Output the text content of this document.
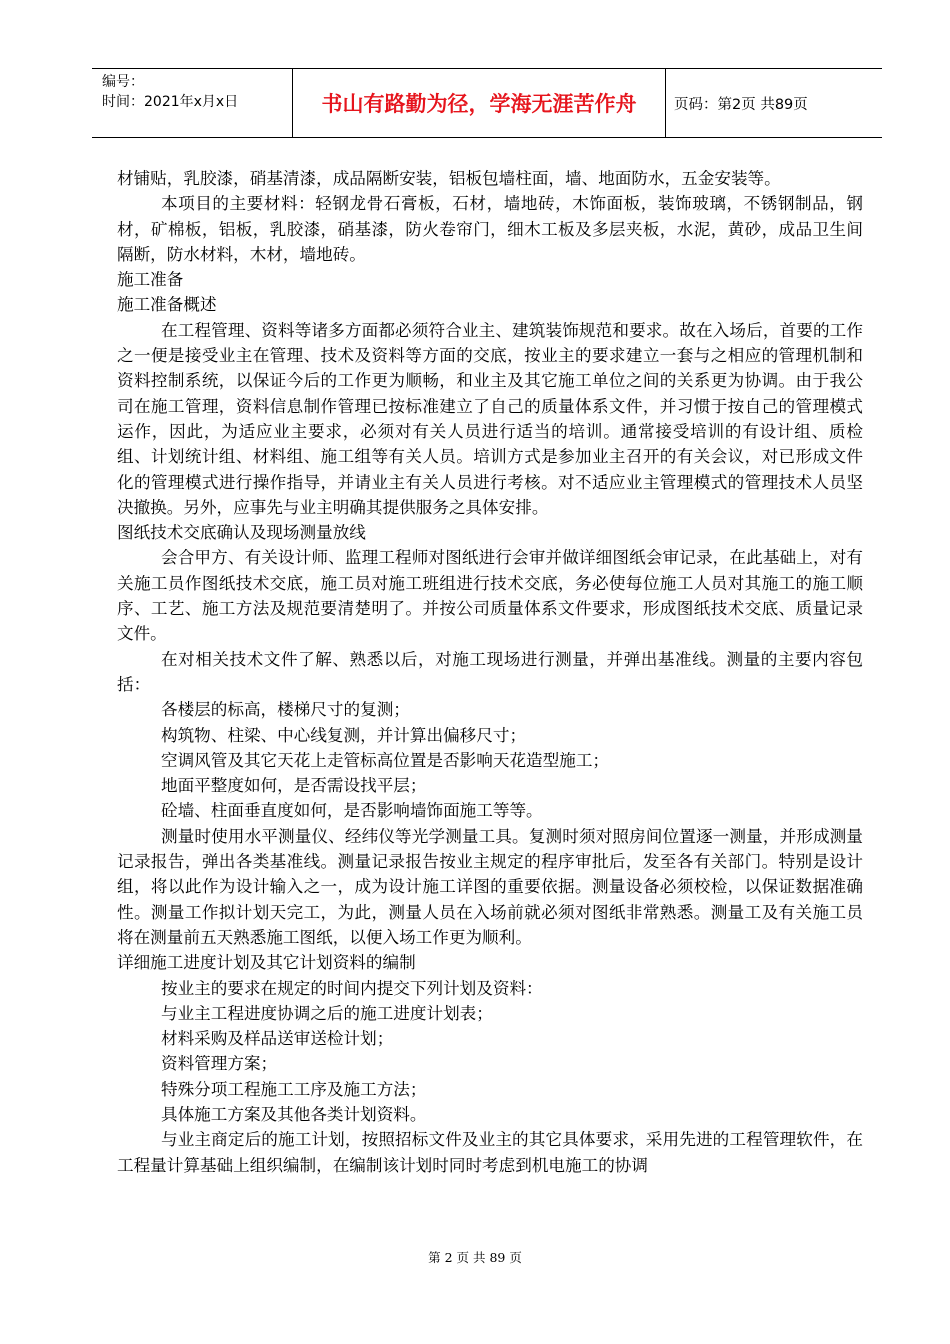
编号：
时间：2021年x月x日	书山有路勤为径，学海无涯苦作舟	页码：第2页 共89页

材铺贴，乳胶漆，硝基清漆，成品隔断安装，铝板包墙柱面，墙、地面防水，五金安装等。

本项目的主要材料：轻钢龙骨石膏板，石材，墙地砖，木饰面板，装饰玻璃，不锈钢制品，钢材，矿棉板，铝板，乳胶漆，硝基漆，防火卷帘门，细木工板及多层夹板，水泥，黄砂，成品卫生间隔断，防水材料，木材，墙地砖。

施工准备

施工准备概述

在工程管理、资料等诸多方面都必须符合业主、建筑装饰规范和要求。故在入场后，首要的工作之一便是接受业主在管理、技术及资料等方面的交底，按业主的要求建立一套与之相应的管理机制和资料控制系统，以保证今后的工作更为顺畅，和业主及其它施工单位之间的关系更为协调。由于我公司在施工管理，资料信息制作管理已按标准建立了自己的质量体系文件，并习惯于按自己的管理模式运作，因此，为适应业主要求，必须对有关人员进行适当的培训。通常接受培训的有设计组、质检组、计划统计组、材料组、施工组等有关人员。培训方式是参加业主召开的有关会议，对已形成文件化的管理模式进行操作指导，并请业主有关人员进行考核。对不适应业主管理模式的管理技术人员坚决撤换。另外，应事先与业主明确其提供服务之具体安排。

图纸技术交底确认及现场测量放线

会合甲方、有关设计师、监理工程师对图纸进行会审并做详细图纸会审记录，在此基础上，对有关施工员作图纸技术交底，施工员对施工班组进行技术交底，务必使每位施工人员对其施工的施工顺序、工艺、施工方法及规范要清楚明了。并按公司质量体系文件要求，形成图纸技术交底、质量记录文件。

在对相关技术文件了解、熟悉以后，对施工现场进行测量，并弹出基准线。测量的主要内容包括：

各楼层的标高，楼梯尺寸的复测；

构筑物、柱梁、中心线复测，并计算出偏移尺寸；

空调风管及其它天花上走管标高位置是否影响天花造型施工；

地面平整度如何，是否需设找平层；

砼墙、柱面垂直度如何，是否影响墙饰面施工等等。

测量时使用水平测量仪、经纬仪等光学测量工具。复测时须对照房间位置逐一测量，并形成测量记录报告，弹出各类基准线。测量记录报告按业主规定的程序审批后，发至各有关部门。特别是设计组，将以此作为设计输入之一，成为设计施工详图的重要依据。测量设备必须校检，以保证数据准确性。测量工作拟计划天完工，为此，测量人员在入场前就必须对图纸非常熟悉。测量工及有关施工员将在测量前五天熟悉施工图纸，以便入场工作更为顺利。

详细施工进度计划及其它计划资料的编制

按业主的要求在规定的时间内提交下列计划及资料：

与业主工程进度协调之后的施工进度计划表；

材料采购及样品送审送检计划；

资料管理方案；

特殊分项工程施工工序及施工方法；

具体施工方案及其他各类计划资料。

与业主商定后的施工计划，按照招标文件及业主的其它具体要求，采用先进的工程管理软件，在工程量计算基础上组织编制，在编制该计划时同时考虑到机电施工的协调

第 2 页 共 89 页
